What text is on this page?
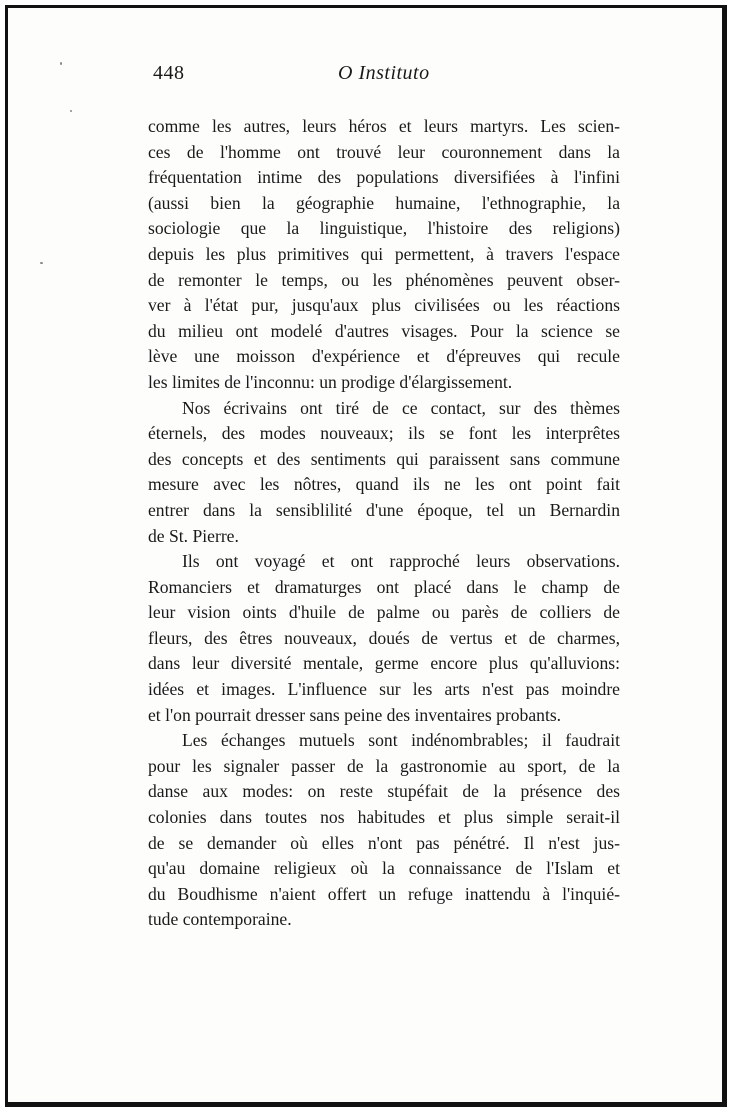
448	O Instituto
comme les autres, leurs héros et leurs martyrs. Les scien-
ces de l'homme ont trouvé leur couronnement dans la
fréquentation intime des populations diversifiées à l'infini
(aussi bien la géographie humaine, l'ethnographie, la
sociologie que la linguistique, l'histoire des religions)
depuis les plus primitives qui permettent, à travers l'espace
de remonter le temps, ou les phénomènes peuvent obser-
ver à l'état pur, jusqu'aux plus civilisées ou les réactions
du milieu ont modelé d'autres visages. Pour la science se
lève une moisson d'expérience et d'épreuves qui recule
les limites de l'inconnu: un prodige d'élargissement.
Nos écrivains ont tiré de ce contact, sur des thèmes
éternels, des modes nouveaux; ils se font les interprêtes
des concepts et des sentiments qui paraissent sans commune
mesure avec les nôtres, quand ils ne les ont point fait
entrer dans la sensiblilité d'une époque, tel un Bernardin
de St. Pierre.
Ils ont voyagé et ont rapproché leurs observations.
Romanciers et dramaturges ont placé dans le champ de
leur vision oints d'huile de palme ou parès de colliers de
fleurs, des êtres nouveaux, doués de vertus et de charmes,
dans leur diversité mentale, germe encore plus qu'alluvions:
idées et images. L'influence sur les arts n'est pas moindre
et l'on pourrait dresser sans peine des inventaires probants.
Les échanges mutuels sont indénombrables; il faudrait
pour les signaler passer de la gastronomie au sport, de la
danse aux modes: on reste stupéfait de la présence des
colonies dans toutes nos habitudes et plus simple serait-il
de se demander où elles n'ont pas pénétré. Il n'est jus-
qu'au domaine religieux où la connaissance de l'Islam et
du Boudhisme n'aient offert un refuge inattendu à l'inquié-
tude contemporaine.
